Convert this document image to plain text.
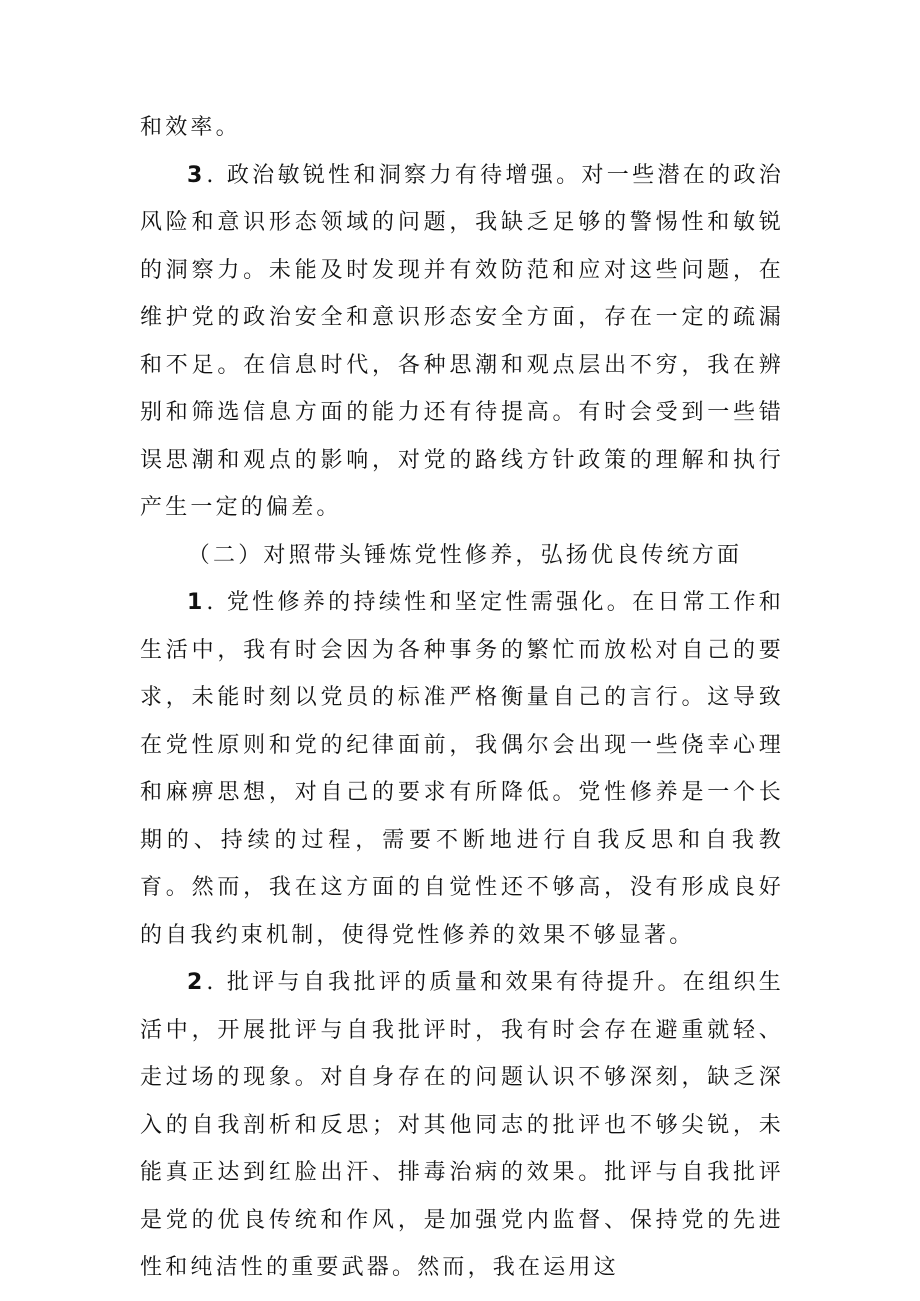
和效率。

3 . 政治敏锐性和洞察力有待增强。对一些潜在的政治风险和意识形态领域的问题，我缺乏足够的警惕性和敏锐的洞察力。未能及时发现并有效防范和应对这些问题，在维护党的政治安全和意识形态安全方面，存在一定的疏漏和不足。在信息时代，各种思潮和观点层出不穷，我在辨别和筛选信息方面的能力还有待提高。有时会受到一些错误思潮和观点的影响，对党的路线方针政策的理解和执行产生一定的偏差。

（二）对照带头锤炼党性修养，弘扬优良传统方面

1 . 党性修养的持续性和坚定性需强化。在日常工作和生活中，我有时会因为各种事务的繁忙而放松对自己的要求，未能时刻以党员的标准严格衡量自己的言行。这导致在党性原则和党的纪律面前，我偶尔会出现一些侥幸心理和麻痹思想，对自己的要求有所降低。党性修养是一个长期的、持续的过程，需要不断地进行自我反思和自我教育。然而，我在这方面的自觉性还不够高，没有形成良好的自我约束机制，使得党性修养的效果不够显著。

2 . 批评与自我批评的质量和效果有待提升。在组织生活中，开展批评与自我批评时，我有时会存在避重就轻、走过场的现象。对自身存在的问题认识不够深刻，缺乏深入的自我剖析和反思；对其他同志的批评也不够尖锐，未能真正达到红脸出汗、排毒治病的效果。批评与自我批评是党的优良传统和作风，是加强党内监督、保持党的先进性和纯洁性的重要武器。然而，我在运用这
